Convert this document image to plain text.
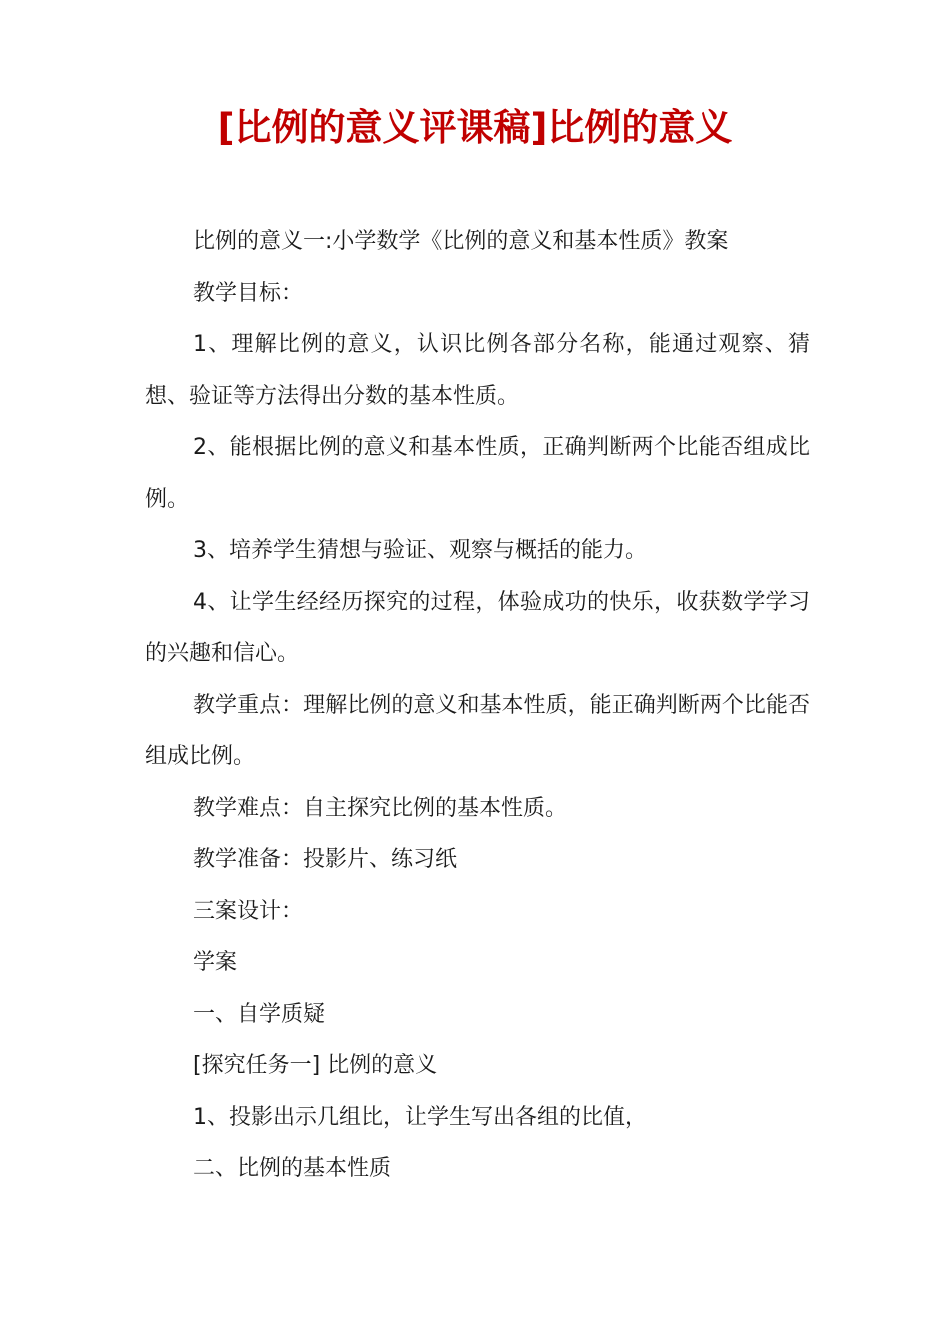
[比例的意义评课稿]比例的意义

比例的意义一:小学数学《比例的意义和基本性质》教案

教学目标：

1、理解比例的意义，认识比例各部分名称，能通过观察、猜想、验证等方法得出分数的基本性质。

2、能根据比例的意义和基本性质，正确判断两个比能否组成比例。

3、培养学生猜想与验证、观察与概括的能力。

4、让学生经经历探究的过程，体验成功的快乐，收获数学学习的兴趣和信心。

教学重点：理解比例的意义和基本性质，能正确判断两个比能否组成比例。

教学难点：自主探究比例的基本性质。

教学准备：投影片、练习纸

三案设计：

学案

一、自学质疑

[探究任务一] 比例的意义

1、投影出示几组比，让学生写出各组的比值，

二、比例的基本性质
